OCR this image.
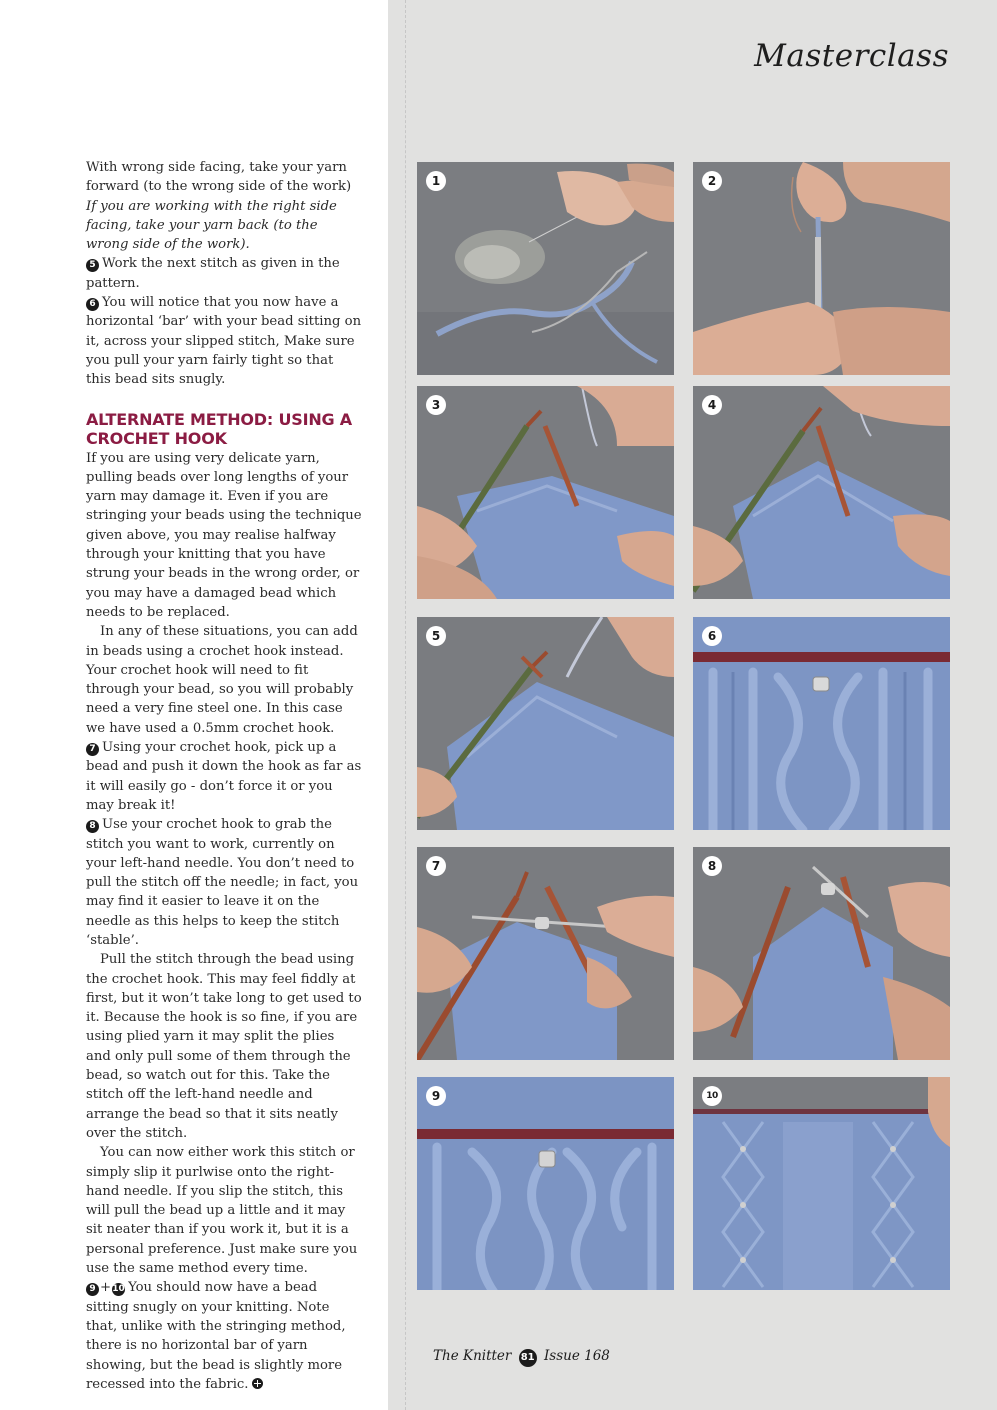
Masterclass

With wrong side facing, take your yarn forward (to the wrong side of the work) If you are working with the right side facing, take your yarn back (to the wrong side of the work).

5 Work the next stitch as given in the pattern.

6 You will notice that you now have a horizontal ‘bar’ with your bead sitting on it, across your slipped stitch, Make sure you pull your yarn fairly tight so that this bead sits snugly.

ALTERNATE METHOD: USING A CROCHET HOOK

If you are using very delicate yarn, pulling beads over long lengths of your yarn may damage it. Even if you are stringing your beads using the technique given above, you may realise halfway through your knitting that you have strung your beads in the wrong order, or you may have a damaged bead which needs to be replaced.

In any of these situations, you can add in beads using a crochet hook instead. Your crochet hook will need to fit through your bead, so you will probably need a very fine steel one. In this case we have used a 0.5mm crochet hook.

7 Using your crochet hook, pick up a bead and push it down the hook as far as it will easily go - don’t force it or you may break it!

8 Use your crochet hook to grab the stitch you want to work, currently on your left-hand needle. You don’t need to pull the stitch off the needle; in fact, you may find it easier to leave it on the needle as this helps to keep the stitch ‘stable’.

Pull the stitch through the bead using the crochet hook. This may feel fiddly at first, but it won’t take long to get used to it. Because the hook is so fine, if you are using plied yarn it may split the plies and only pull some of them through the bead, so watch out for this. Take the stitch off the left-hand needle and arrange the bead so that it sits neatly over the stitch.

You can now either work this stitch or simply slip it purlwise onto the right-hand needle. If you slip the stitch, this will pull the bead up a little and it may sit neater than if you work it, but it is a personal preference. Just make sure you use the same method every time.

9 +10 You should now have a bead sitting snugly on your knitting. Note that, unlike with the stringing method, there is no horizontal bar of yarn showing, but the bead is slightly more recessed into the fabric.

1	2
3	4
5	6
7	8
9	10
The Knitter 81 Issue 168
